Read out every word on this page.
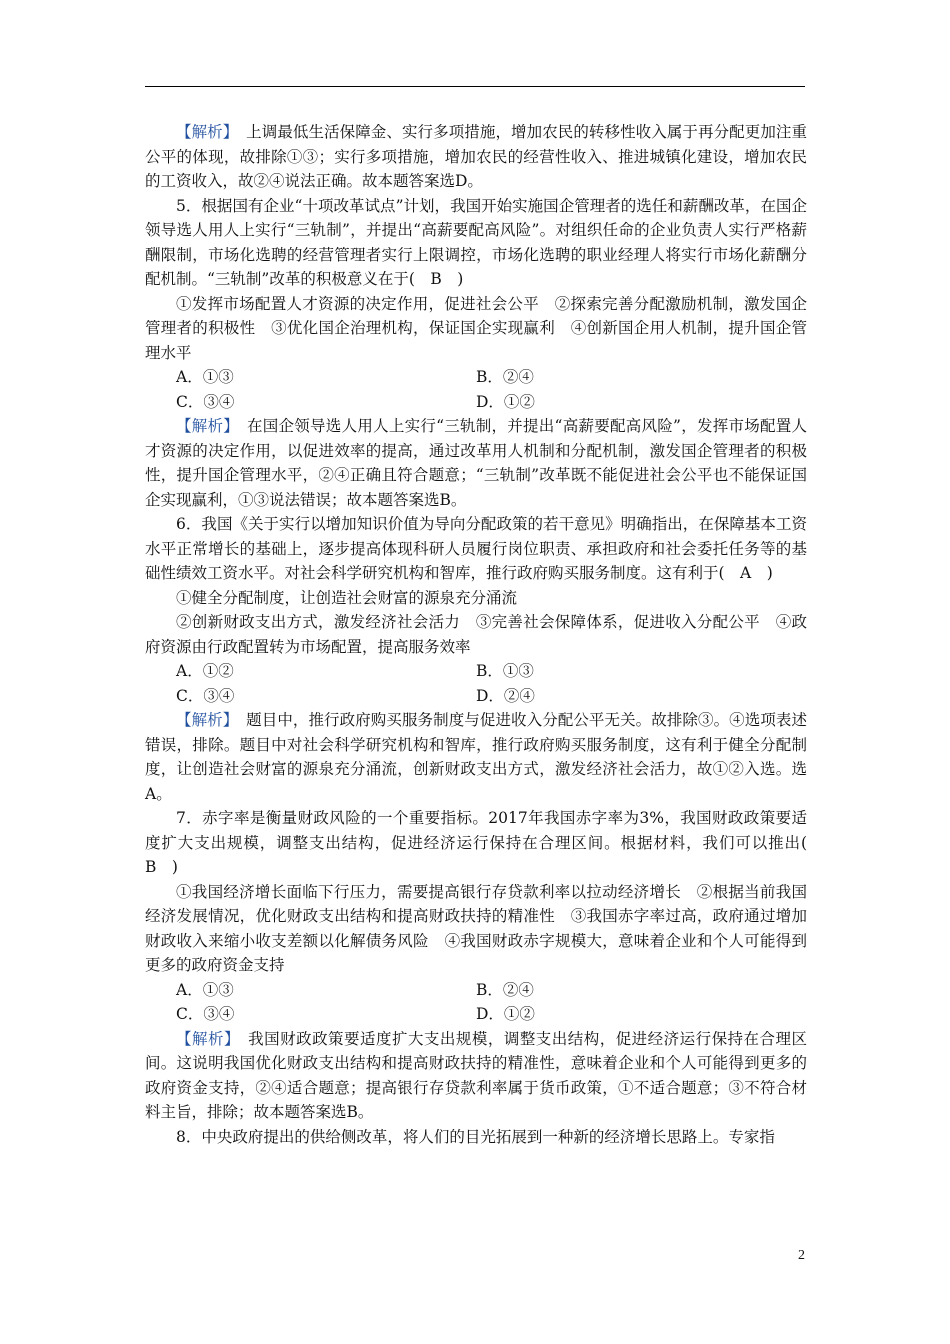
【解析】　上调最低生活保障金、实行多项措施，增加农民的转移性收入属于再分配更加注重公平的体现，故排除①③；实行多项措施，增加农民的经营性收入、推进城镇化建设，增加农民的工资收入，故②④说法正确。故本题答案选D。

5．根据国有企业“十项改革试点”计划，我国开始实施国企管理者的选任和薪酬改革，在国企领导选人用人上实行“三轨制”，并提出“高薪要配高风险”。对组织任命的企业负责人实行严格薪酬限制，市场化选聘的经营管理者实行上限调控，市场化选聘的职业经理人将实行市场化薪酬分配机制。“三轨制”改革的积极意义在于(　B　)

①发挥市场配置人才资源的决定作用，促进社会公平　②探索完善分配激励机制，激发国企管理者的积极性　③优化国企治理机构，保证国企实现赢利　④创新国企用人机制，提升国企管理水平

A．①③	B．②④
C．③④	D．①②

【解析】　在国企领导选人用人上实行“三轨制，并提出“高薪要配高风险”，发挥市场配置人才资源的决定作用，以促进效率的提高，通过改革用人机制和分配机制，激发国企管理者的积极性，提升国企管理水平，②④正确且符合题意；“三轨制”改革既不能促进社会公平也不能保证国企实现赢利，①③说法错误；故本题答案选B。

6．我国《关于实行以增加知识价值为导向分配政策的若干意见》明确指出，在保障基本工资水平正常增长的基础上，逐步提高体现科研人员履行岗位职责、承担政府和社会委托任务等的基础性绩效工资水平。对社会科学研究机构和智库，推行政府购买服务制度。这有利于(　A　)

①健全分配制度，让创造社会财富的源泉充分涌流

②创新财政支出方式，激发经济社会活力　③完善社会保障体系，促进收入分配公平　④政府资源由行政配置转为市场配置，提高服务效率

A．①②	B．①③
C．③④	D．②④

【解析】　题目中，推行政府购买服务制度与促进收入分配公平无关。故排除③。④选项表述错误，排除。题目中对社会科学研究机构和智库，推行政府购买服务制度，这有利于健全分配制度，让创造社会财富的源泉充分涌流，创新财政支出方式，激发经济社会活力，故①②入选。选A。

7．赤字率是衡量财政风险的一个重要指标。2017年我国赤字率为3%，我国财政政策要适度扩大支出规模，调整支出结构，促进经济运行保持在合理区间。根据材料，我们可以推出(　B　)

①我国经济增长面临下行压力，需要提高银行存贷款利率以拉动经济增长　②根据当前我国经济发展情况，优化财政支出结构和提高财政扶持的精准性　③我国赤字率过高，政府通过增加财政收入来缩小收支差额以化解债务风险　④我国财政赤字规模大，意味着企业和个人可能得到更多的政府资金支持

A．①③	B．②④
C．③④	D．①②

【解析】　我国财政政策要适度扩大支出规模，调整支出结构，促进经济运行保持在合理区间。这说明我国优化财政支出结构和提高财政扶持的精准性，意味着企业和个人可能得到更多的政府资金支持，②④适合题意；提高银行存贷款利率属于货币政策，①不适合题意；③不符合材料主旨，排除；故本题答案选B。

8．中央政府提出的供给侧改革，将人们的目光拓展到一种新的经济增长思路上。专家指

2
